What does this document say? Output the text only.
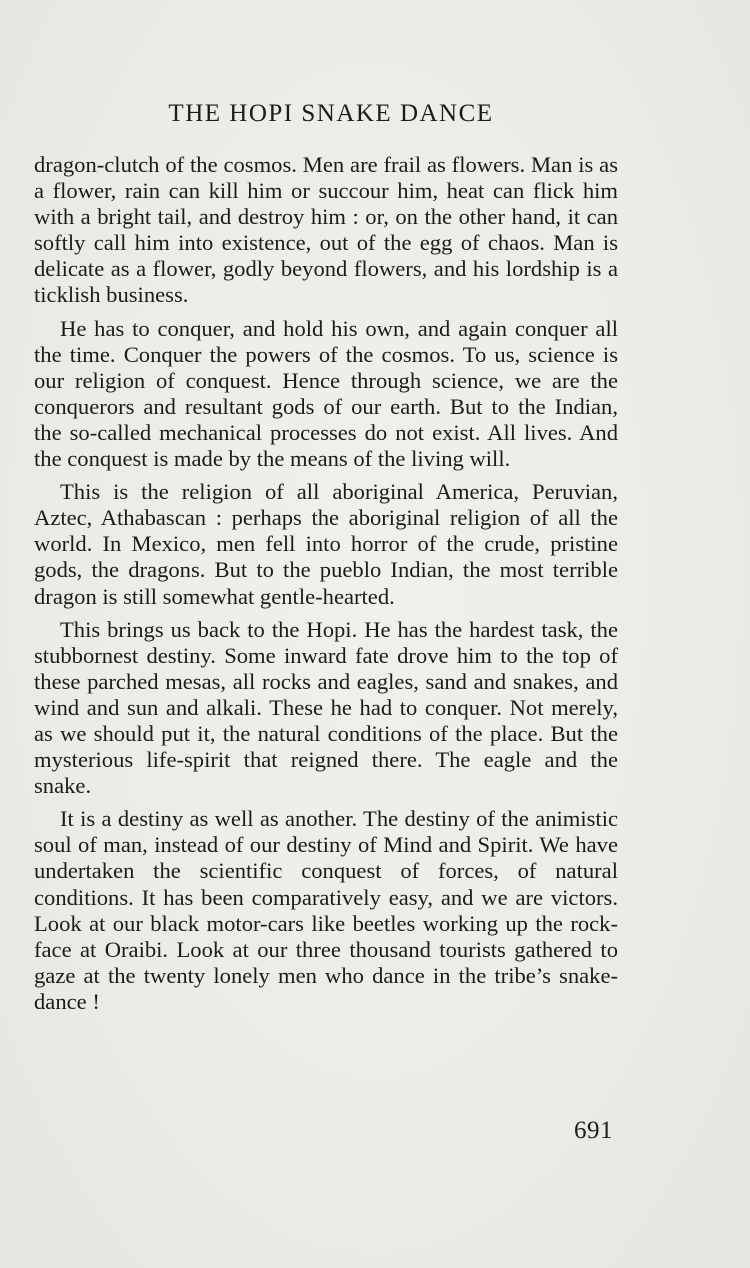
THE HOPI SNAKE DANCE

dragon-clutch of the cosmos. Men are frail as flowers. Man is as a flower, rain can kill him or succour him, heat can flick him with a bright tail, and destroy him : or, on the other hand, it can softly call him into existence, out of the egg of chaos. Man is delicate as a flower, godly beyond flowers, and his lordship is a ticklish business.

He has to conquer, and hold his own, and again conquer all the time. Conquer the powers of the cosmos. To us, science is our religion of conquest. Hence through science, we are the conquerors and resultant gods of our earth. But to the Indian, the so-called mechanical processes do not exist. All lives. And the conquest is made by the means of the living will.

This is the religion of all aboriginal America, Peruvian, Aztec, Athabascan : perhaps the aboriginal religion of all the world. In Mexico, men fell into horror of the crude, pristine gods, the dragons. But to the pueblo Indian, the most terrible dragon is still somewhat gentle-hearted.

This brings us back to the Hopi. He has the hardest task, the stubbornest destiny. Some inward fate drove him to the top of these parched mesas, all rocks and eagles, sand and snakes, and wind and sun and alkali. These he had to conquer. Not merely, as we should put it, the natural conditions of the place. But the mysterious life-spirit that reigned there. The eagle and the snake.

It is a destiny as well as another. The destiny of the animistic soul of man, instead of our destiny of Mind and Spirit. We have undertaken the scientific conquest of forces, of natural conditions. It has been comparatively easy, and we are victors. Look at our black motor-cars like beetles working up the rock-face at Oraibi. Look at our three thousand tourists gathered to gaze at the twenty lonely men who dance in the tribe’s snake-dance !

691
